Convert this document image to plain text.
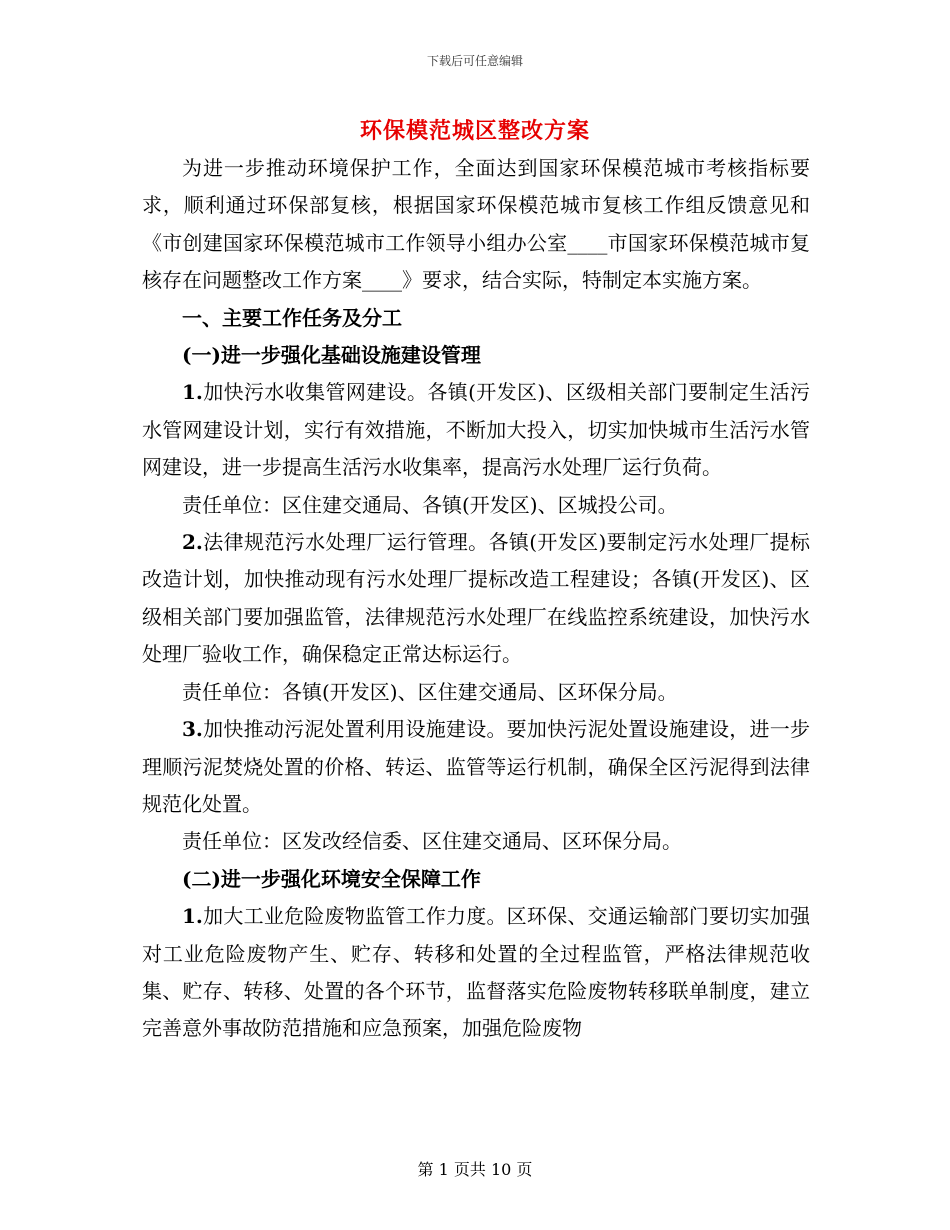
下载后可任意编辑
环保模范城区整改方案

为进一步推动环境保护工作，全面达到国家环保模范城市考核指标要求，顺利通过环保部复核，根据国家环保模范城市复核工作组反馈意见和《市创建国家环保模范城市工作领导小组办公室____市国家环保模范城市复核存在问题整改工作方案____》要求，结合实际，特制定本实施方案。

一、主要工作任务及分工

(一)进一步强化基础设施建设管理

1.加快污水收集管网建设。各镇(开发区)、区级相关部门要制定生活污水管网建设计划，实行有效措施，不断加大投入，切实加快城市生活污水管网建设，进一步提高生活污水收集率，提高污水处理厂运行负荷。

责任单位：区住建交通局、各镇(开发区)、区城投公司。

2.法律规范污水处理厂运行管理。各镇(开发区)要制定污水处理厂提标改造计划，加快推动现有污水处理厂提标改造工程建设；各镇(开发区)、区级相关部门要加强监管，法律规范污水处理厂在线监控系统建设，加快污水处理厂验收工作，确保稳定正常达标运行。

责任单位：各镇(开发区)、区住建交通局、区环保分局。

3.加快推动污泥处置利用设施建设。要加快污泥处置设施建设，进一步理顺污泥焚烧处置的价格、转运、监管等运行机制，确保全区污泥得到法律规范化处置。

责任单位：区发改经信委、区住建交通局、区环保分局。

(二)进一步强化环境安全保障工作

1.加大工业危险废物监管工作力度。区环保、交通运输部门要切实加强对工业危险废物产生、贮存、转移和处置的全过程监管，严格法律规范收集、贮存、转移、处置的各个环节，监督落实危险废物转移联单制度，建立完善意外事故防范措施和应急预案，加强危险废物

第 1 页共 10 页
